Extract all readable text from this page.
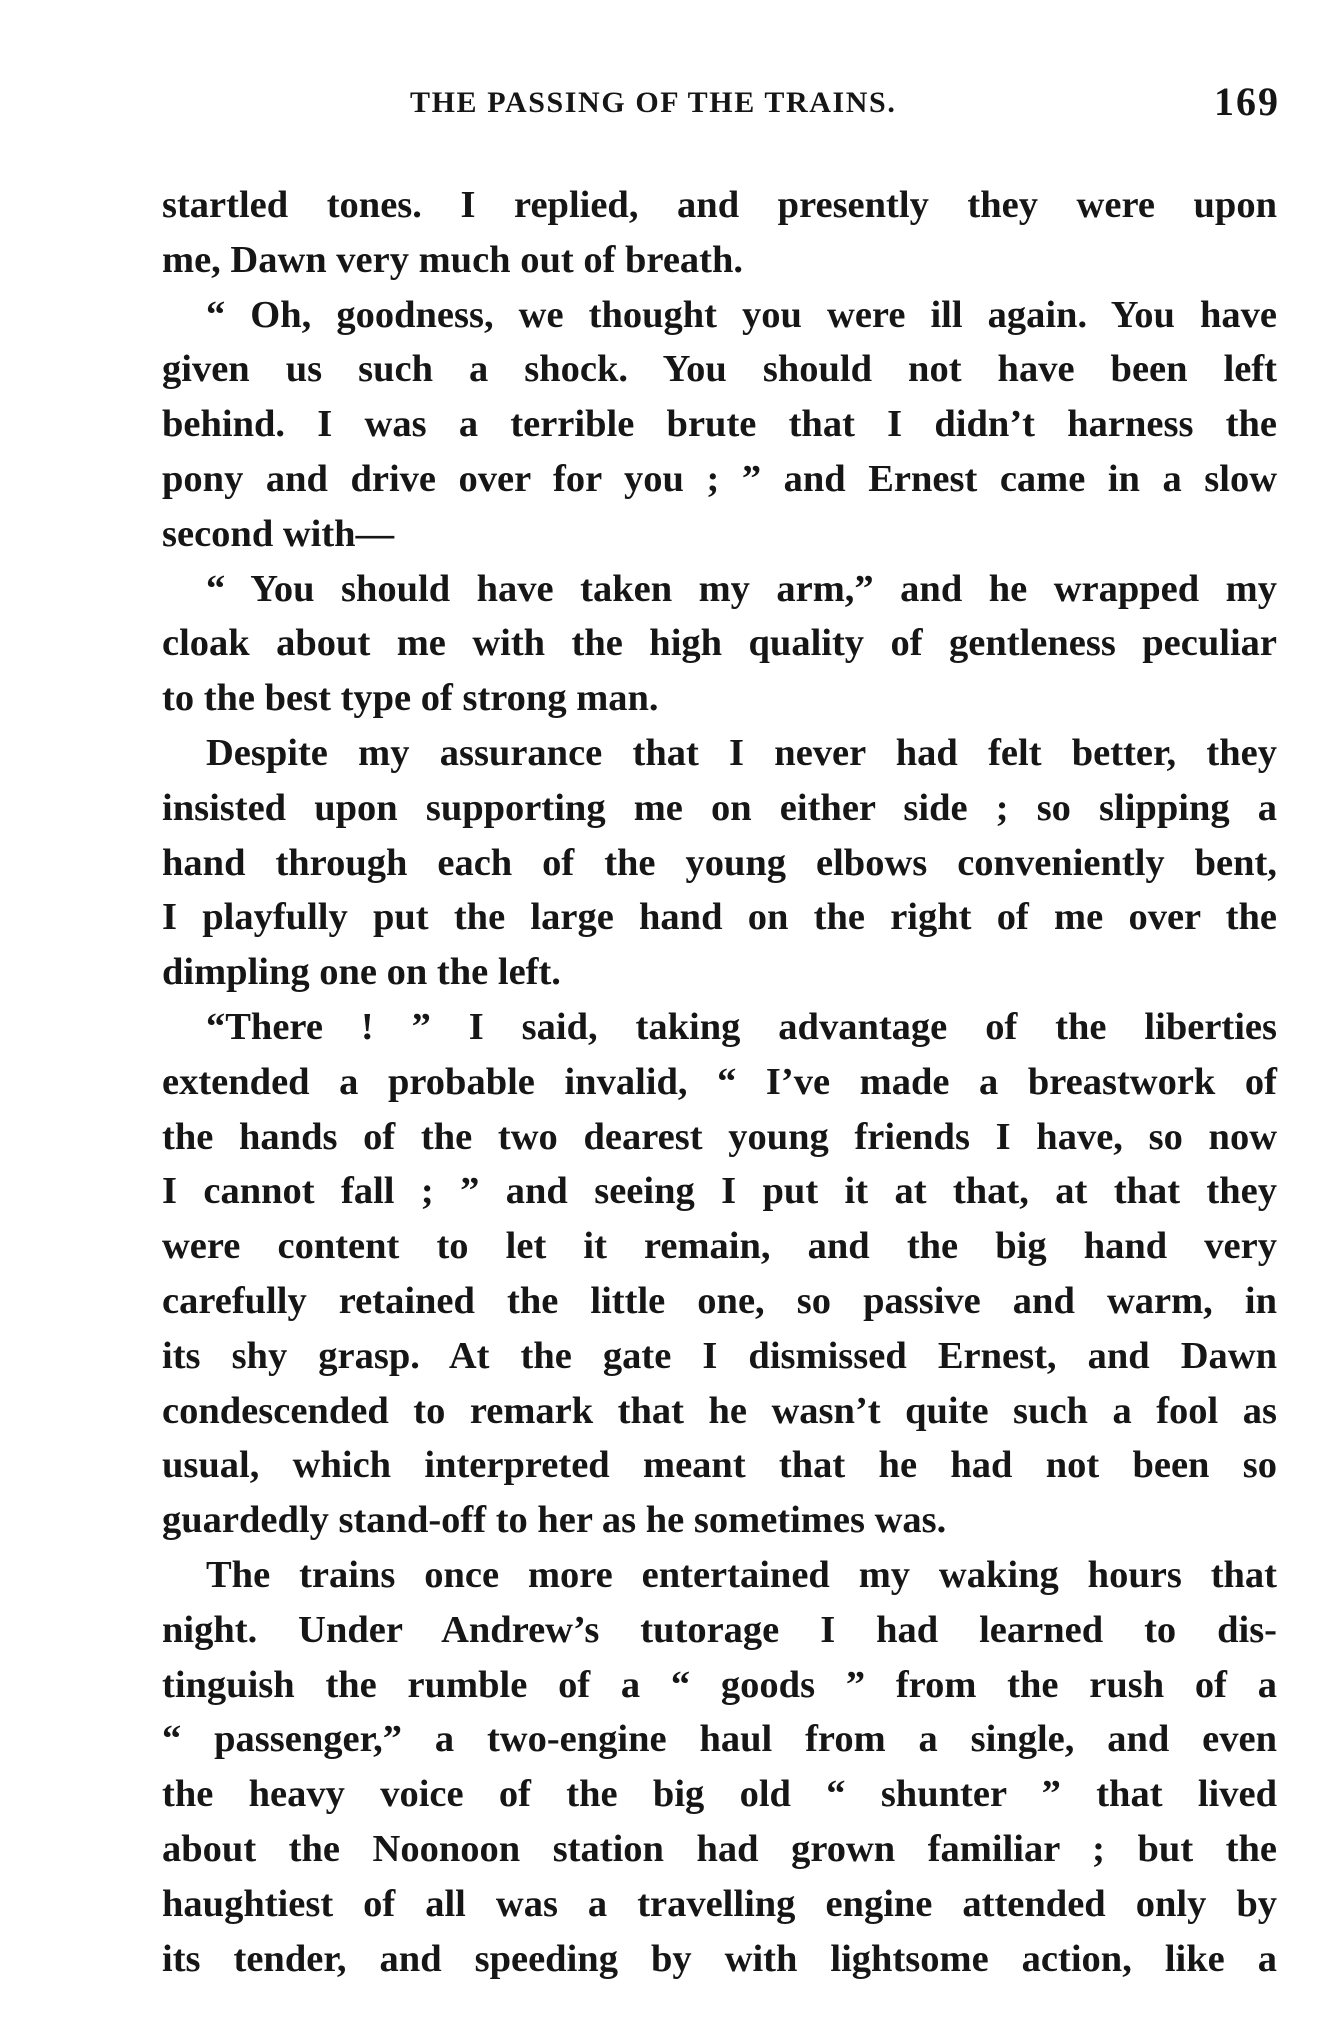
THE PASSING OF THE TRAINS.	169
startled tones. I replied, and presently they were upon
me, Dawn very much out of breath.
“ Oh, goodness, we thought you were ill again. You have
given us such a shock. You should not have been left
behind. I was a terrible brute that I didn’t harness the
pony and drive over for you ; ” and Ernest came in a slow
second with—
“ You should have taken my arm,” and he wrapped my
cloak about me with the high quality of gentleness peculiar
to the best type of strong man.
Despite my assurance that I never had felt better, they
insisted upon supporting me on either side ; so slipping a
hand through each of the young elbows conveniently bent,
I playfully put the large hand on the right of me over the
dimpling one on the left.
“There ! ” I said, taking advantage of the liberties
extended a probable invalid, “ I’ve made a breastwork of
the hands of the two dearest young friends I have, so now
I cannot fall ; ” and seeing I put it at that, at that they
were content to let it remain, and the big hand very
carefully retained the little one, so passive and warm, in
its shy grasp. At the gate I dismissed Ernest, and Dawn
condescended to remark that he wasn’t quite such a fool as
usual, which interpreted meant that he had not been so
guardedly stand-off to her as he sometimes was.
The trains once more entertained my waking hours that
night. Under Andrew’s tutorage I had learned to dis-
tinguish the rumble of a “ goods ” from the rush of a
“ passenger,” a two-engine haul from a single, and even
the heavy voice of the big old “ shunter ” that lived
about the Noonoon station had grown familiar ; but the
haughtiest of all was a travelling engine attended only by
its tender, and speeding by with lightsome action, like a
